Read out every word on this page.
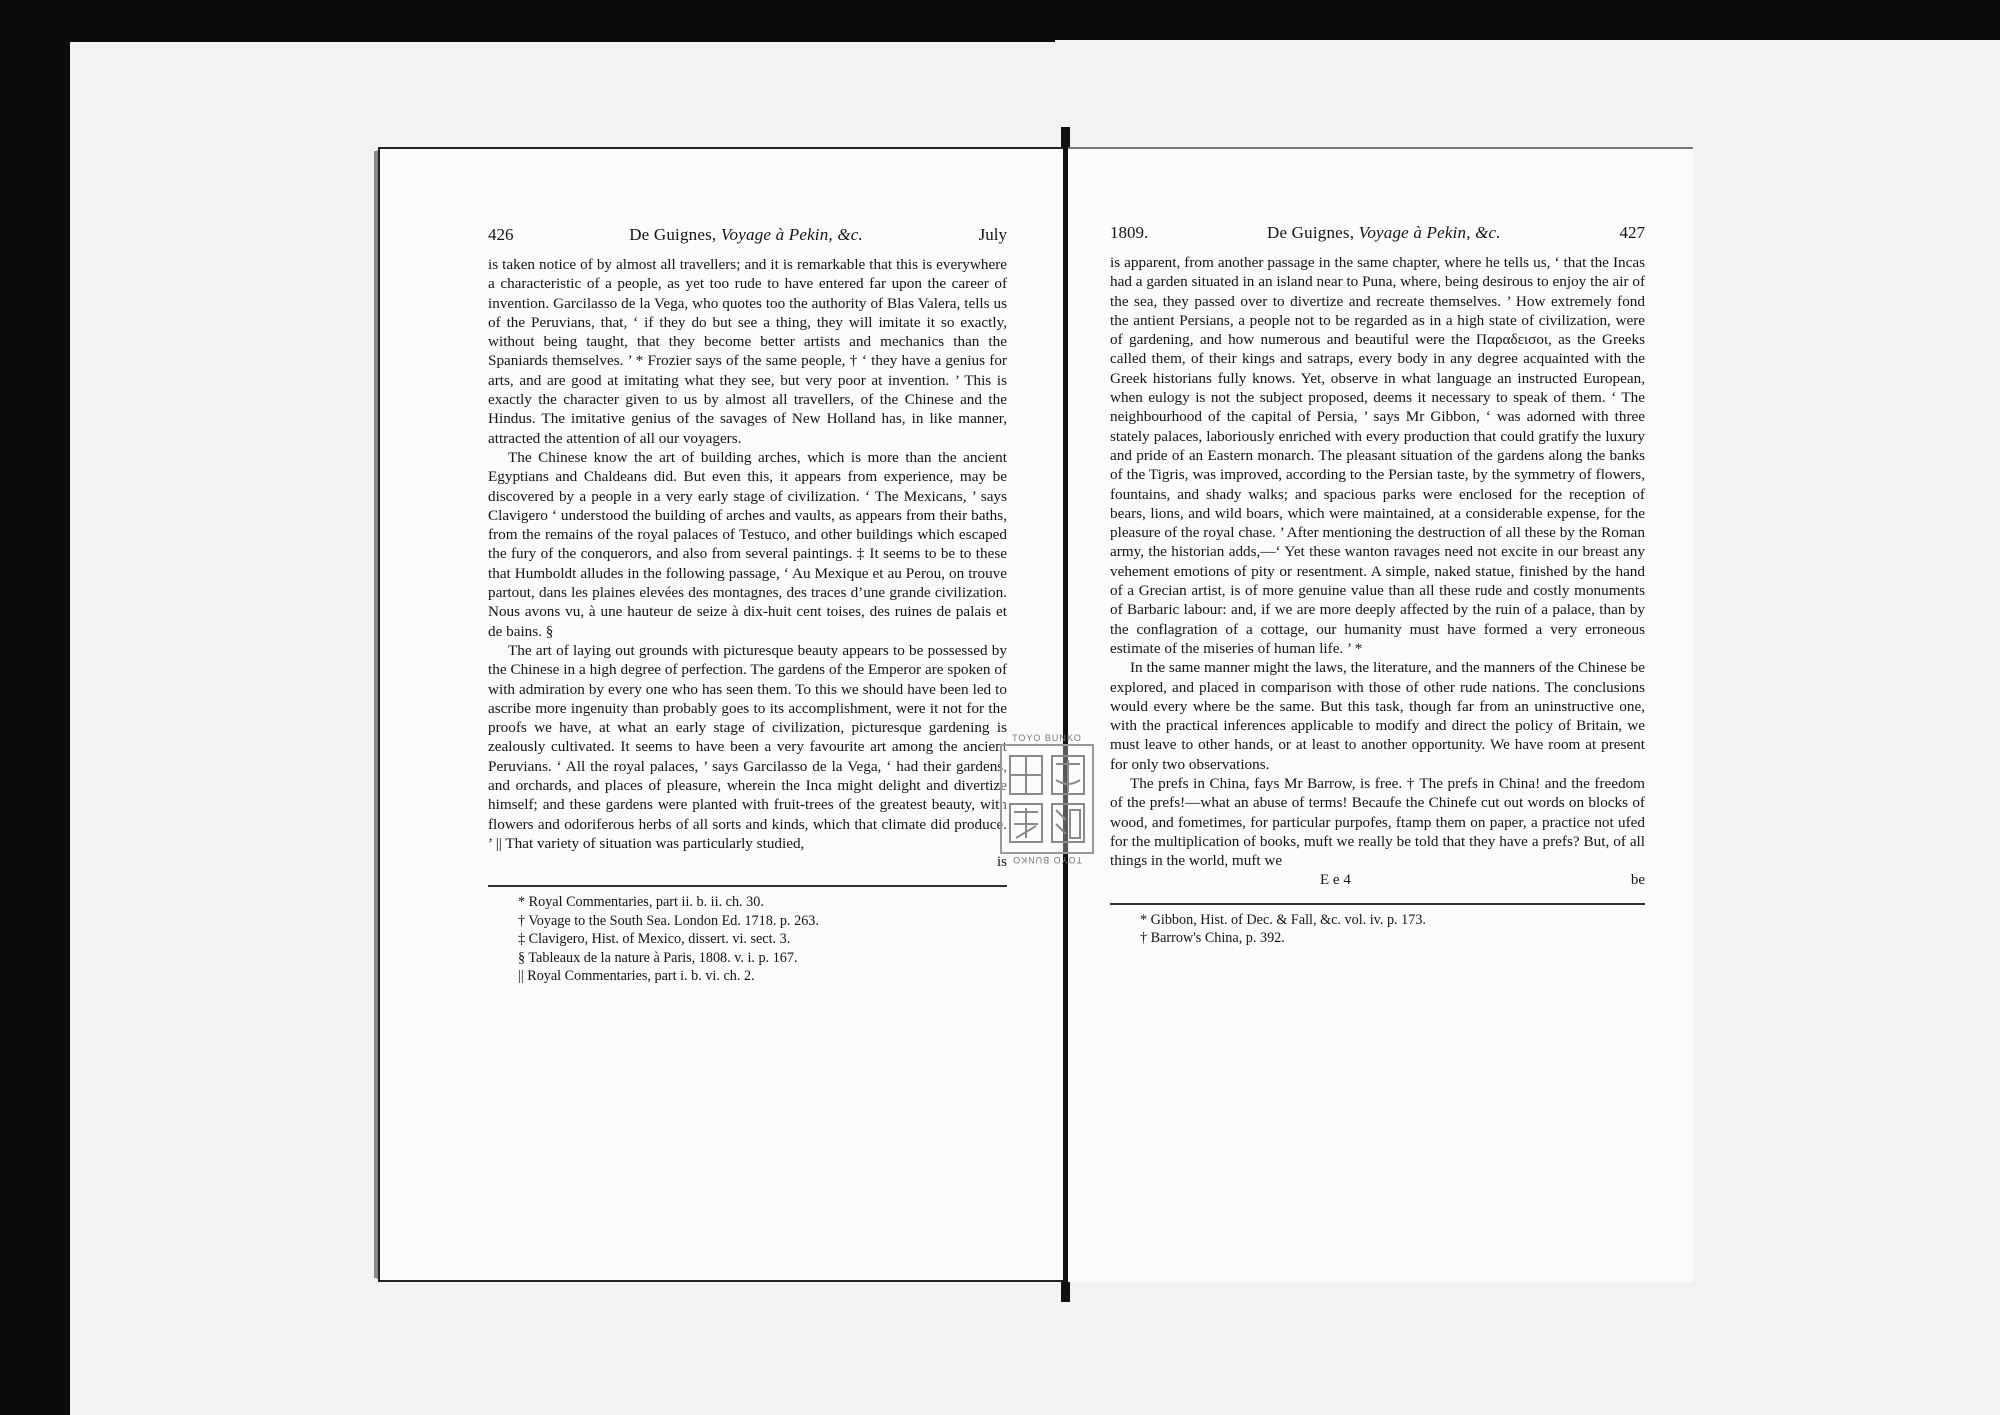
426	De Guignes, Voyage à Pekin, &c.	July

is taken notice of by almost all travellers; and it is remarkable that this is everywhere a characteristic of a people, as yet too rude to have entered far upon the career of invention. Garcilasso de la Vega, who quotes too the authority of Blas Valera, tells us of the Peruvians, that, ‘ if they do but see a thing, they will imitate it so exactly, without being taught, that they become better artists and mechanics than the Spaniards themselves. ’ * Frozier says of the same people, † ‘ they have a genius for arts, and are good at imitating what they see, but very poor at invention. ’ This is exactly the character given to us by almost all travellers, of the Chinese and the Hindus. The imitative genius of the savages of New Holland has, in like manner, attracted the attention of all our voyagers.

The Chinese know the art of building arches, which is more than the ancient Egyptians and Chaldeans did. But even this, it appears from experience, may be discovered by a people in a very early stage of civilization. ‘ The Mexicans, ’ says Clavigero ‘ understood the building of arches and vaults, as appears from their baths, from the remains of the royal palaces of Testuco, and other buildings which escaped the fury of the conquerors, and also from several paintings. ‡ It seems to be to these that Humboldt alludes in the following passage, ‘ Au Mexique et au Perou, on trouve partout, dans les plaines elevées des montagnes, des traces d’une grande civilization. Nous avons vu, à une hauteur de seize à dix-huit cent toises, des ruines de palais et de bains. §

The art of laying out grounds with picturesque beauty appears to be possessed by the Chinese in a high degree of perfection. The gardens of the Emperor are spoken of with admiration by every one who has seen them. To this we should have been led to ascribe more ingenuity than probably goes to its accomplishment, were it not for the proofs we have, at what an early stage of civilization, picturesque gardening is zealously cultivated. It seems to have been a very favourite art among the ancient Peruvians. ‘ All the royal palaces, ’ says Garcilasso de la Vega, ‘ had their gardens, and orchards, and places of pleasure, wherein the Inca might delight and divertize himself; and these gardens were planted with fruit-trees of the greatest beauty, with flowers and odoriferous herbs of all sorts and kinds, which that climate did produce. ’ || That variety of situation was particularly studied,

is
* Royal Commentaries, part ii. b. ii. ch. 30.
† Voyage to the South Sea. London Ed. 1718. p. 263.
‡ Clavigero, Hist. of Mexico, dissert. vi. sect. 3.
§ Tableaux de la nature à Paris, 1808. v. i. p. 167.
|| Royal Commentaries, part i. b. vi. ch. 2.
1809.	De Guignes, Voyage à Pekin, &c.	427

is apparent, from another passage in the same chapter, where he tells us, ‘ that the Incas had a garden situated in an island near to Puna, where, being desirous to enjoy the air of the sea, they passed over to divertize and recreate themselves. ’ How extremely fond the antient Persians, a people not to be regarded as in a high state of civilization, were of gardening, and how numerous and beautiful were the Παραδεισοι, as the Greeks called them, of their kings and satraps, every body in any degree acquainted with the Greek historians fully knows. Yet, observe in what language an instructed European, when eulogy is not the subject proposed, deems it necessary to speak of them. ‘ The neighbourhood of the capital of Persia, ’ says Mr Gibbon, ‘ was adorned with three stately palaces, laboriously enriched with every production that could gratify the luxury and pride of an Eastern monarch. The pleasant situation of the gardens along the banks of the Tigris, was improved, according to the Persian taste, by the symmetry of flowers, fountains, and shady walks; and spacious parks were enclosed for the reception of bears, lions, and wild boars, which were maintained, at a considerable expense, for the pleasure of the royal chase. ’ After mentioning the destruction of all these by the Roman army, the historian adds,—‘ Yet these wanton ravages need not excite in our breast any vehement emotions of pity or resentment. A simple, naked statue, finished by the hand of a Grecian artist, is of more genuine value than all these rude and costly monuments of Barbaric labour: and, if we are more deeply affected by the ruin of a palace, than by the conflagration of a cottage, our humanity must have formed a very erroneous estimate of the miseries of human life. ’ *

In the same manner might the laws, the literature, and the manners of the Chinese be explored, and placed in comparison with those of other rude nations. The conclusions would every where be the same. But this task, though far from an uninstructive one, with the practical inferences applicable to modify and direct the policy of Britain, we must leave to other hands, or at least to another opportunity. We have room at present for only two observations.

The prefs in China, fays Mr Barrow, is free. † The prefs in China! and the freedom of the prefs!—what an abuse of terms! Becaufe the Chinefe cut out words on blocks of wood, and fometimes, for particular purpofes, ftamp them on paper, a practice not ufed for the multiplication of books, muft we really be told that they have a prefs? But, of all things in the world, muft we

E e 4	be
* Gibbon, Hist. of Dec. & Fall, &c. vol. iv. p. 173.
† Barrow's China, p. 392.
TOYO BUNKO
TOYO BUNKO
